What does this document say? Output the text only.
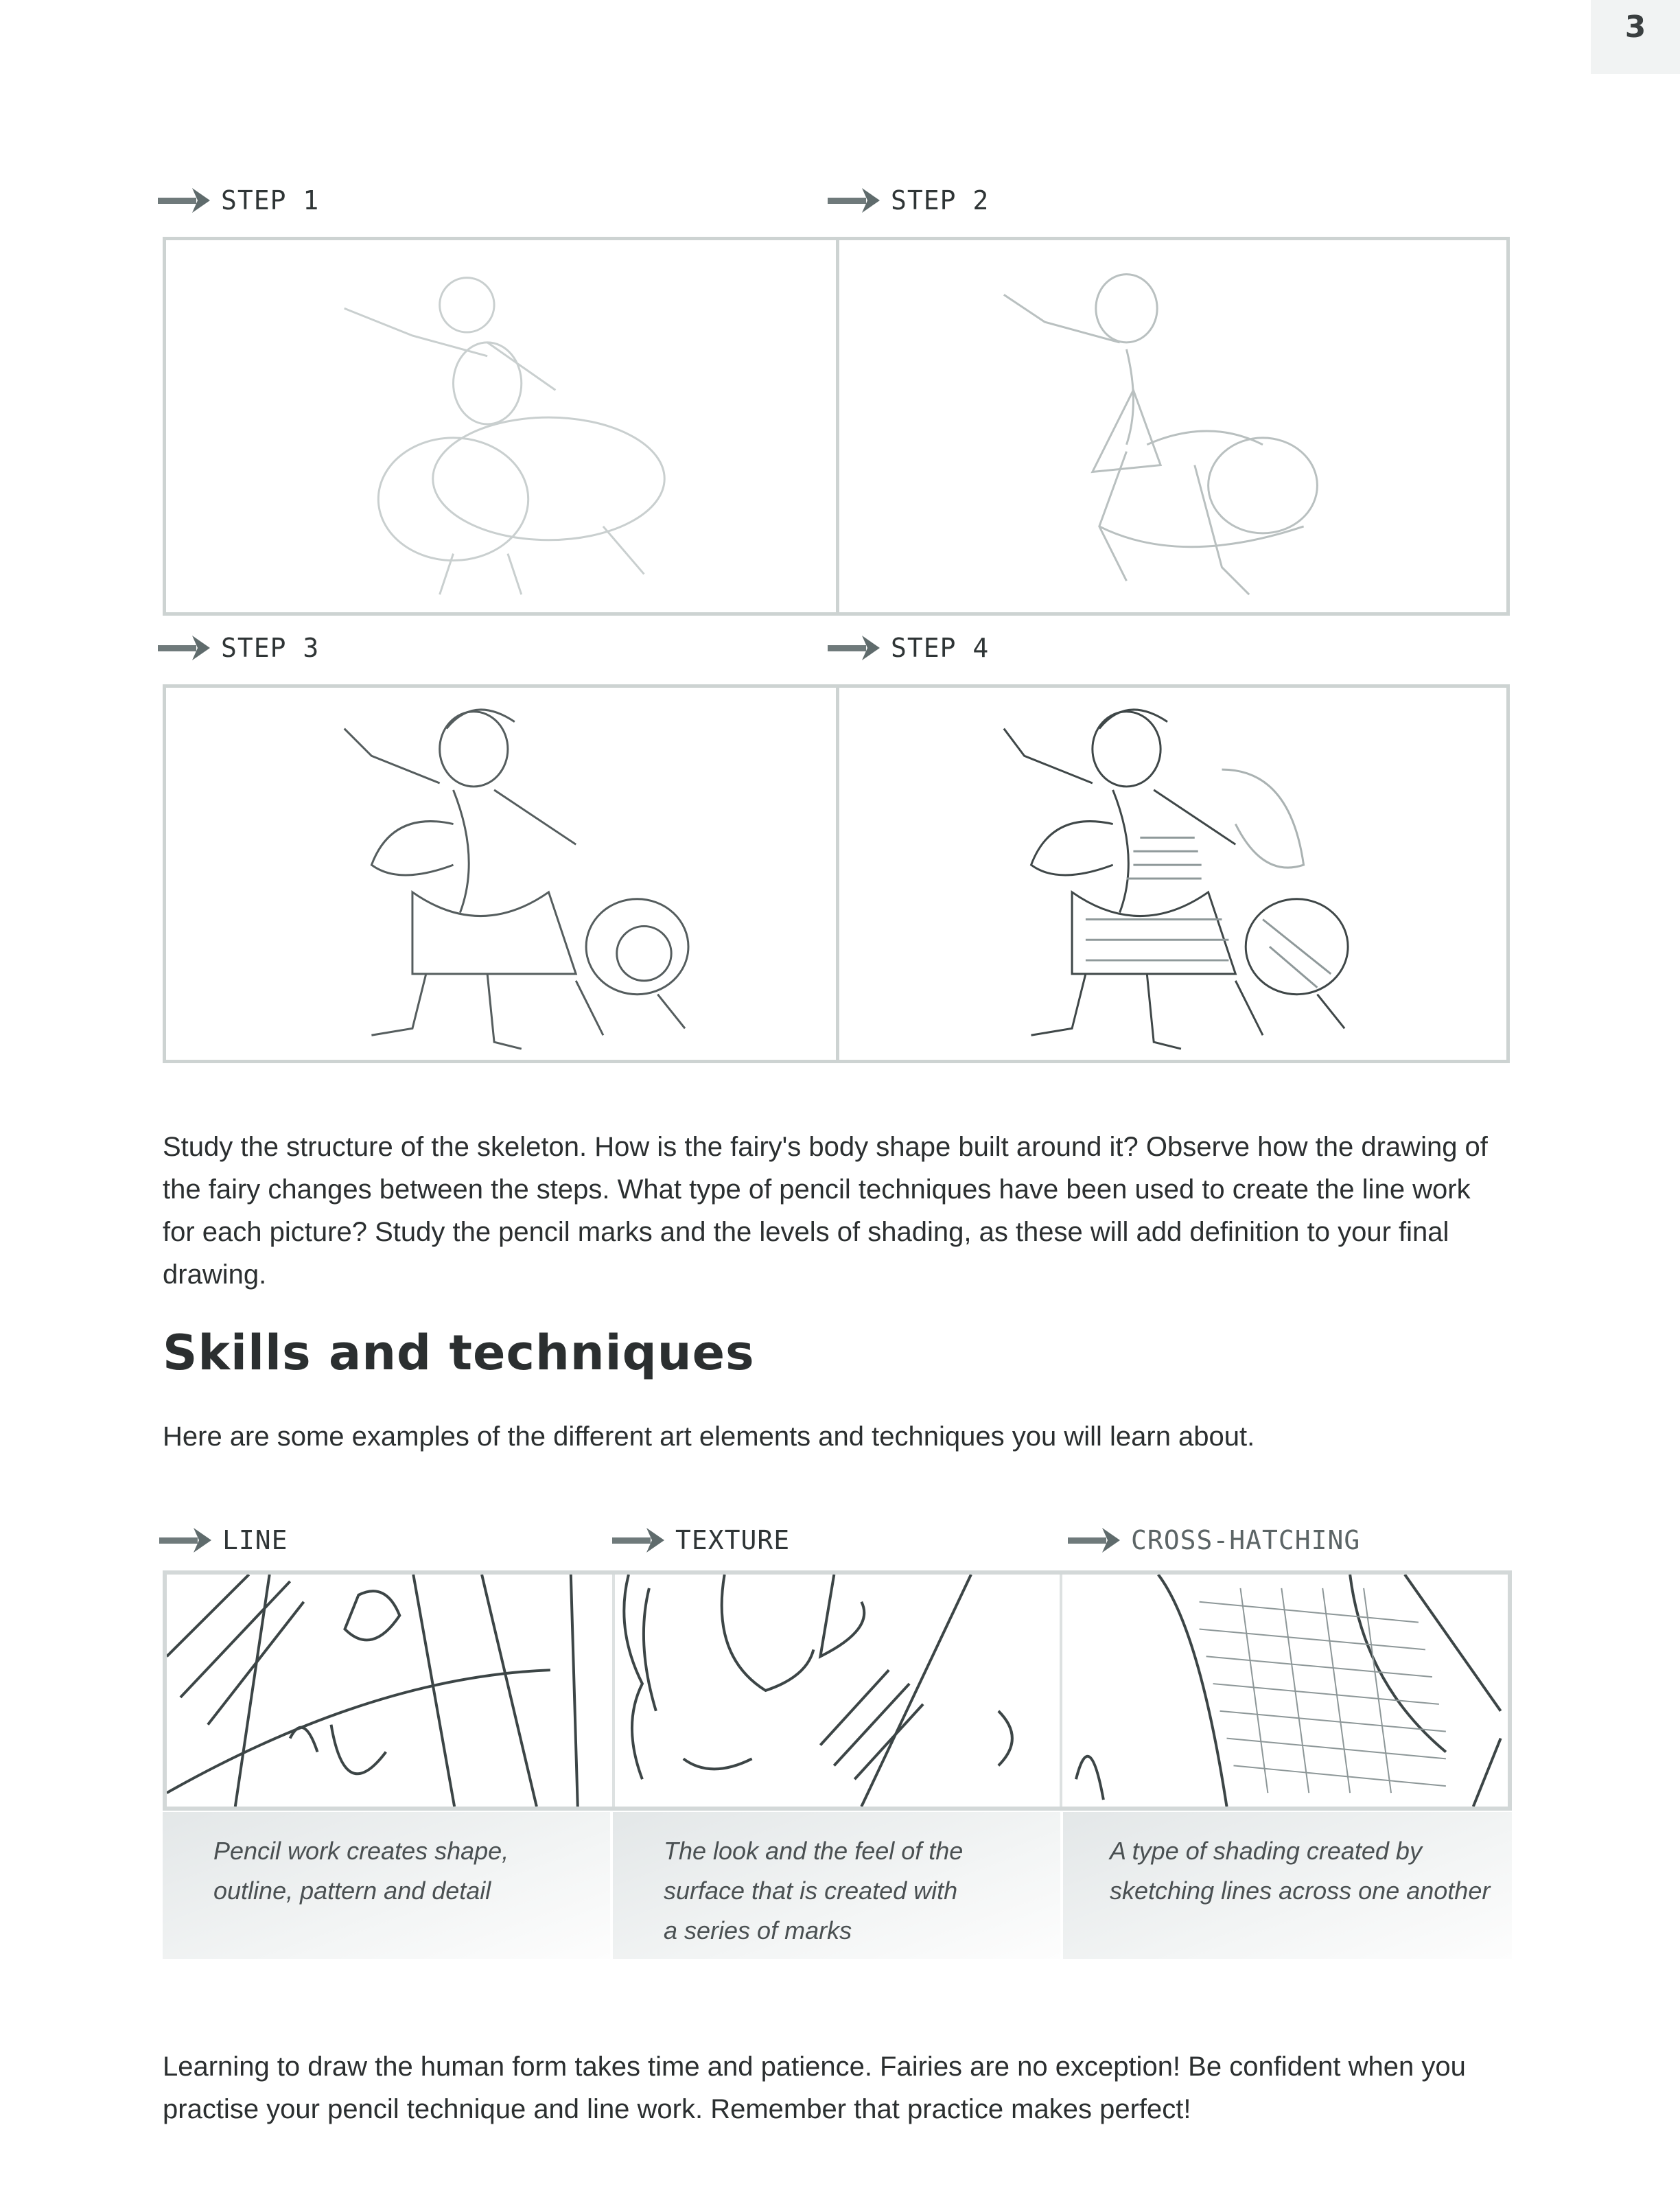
3
STEP 1	STEP 2
STEP 3	STEP 4
Study the structure of the skeleton. How is the fairy's body shape built around it? Observe how the drawing of the fairy changes between the steps. What type of pencil techniques have been used to create the line work for each picture? Study the pencil marks and the levels of shading, as these will add definition to your final drawing.
Skills and techniques
Here are some examples of the different art elements and techniques you will learn about.
LINE	TEXTURE	CROSS-HATCHING
Pencil work creates shape,
outline, pattern and detail
The look and the feel of the
surface that is created with
a series of marks
A type of shading created by
sketching lines across one another
Learning to draw the human form takes time and patience. Fairies are no exception! Be confident when you practise your pencil technique and line work. Remember that practice makes perfect!
